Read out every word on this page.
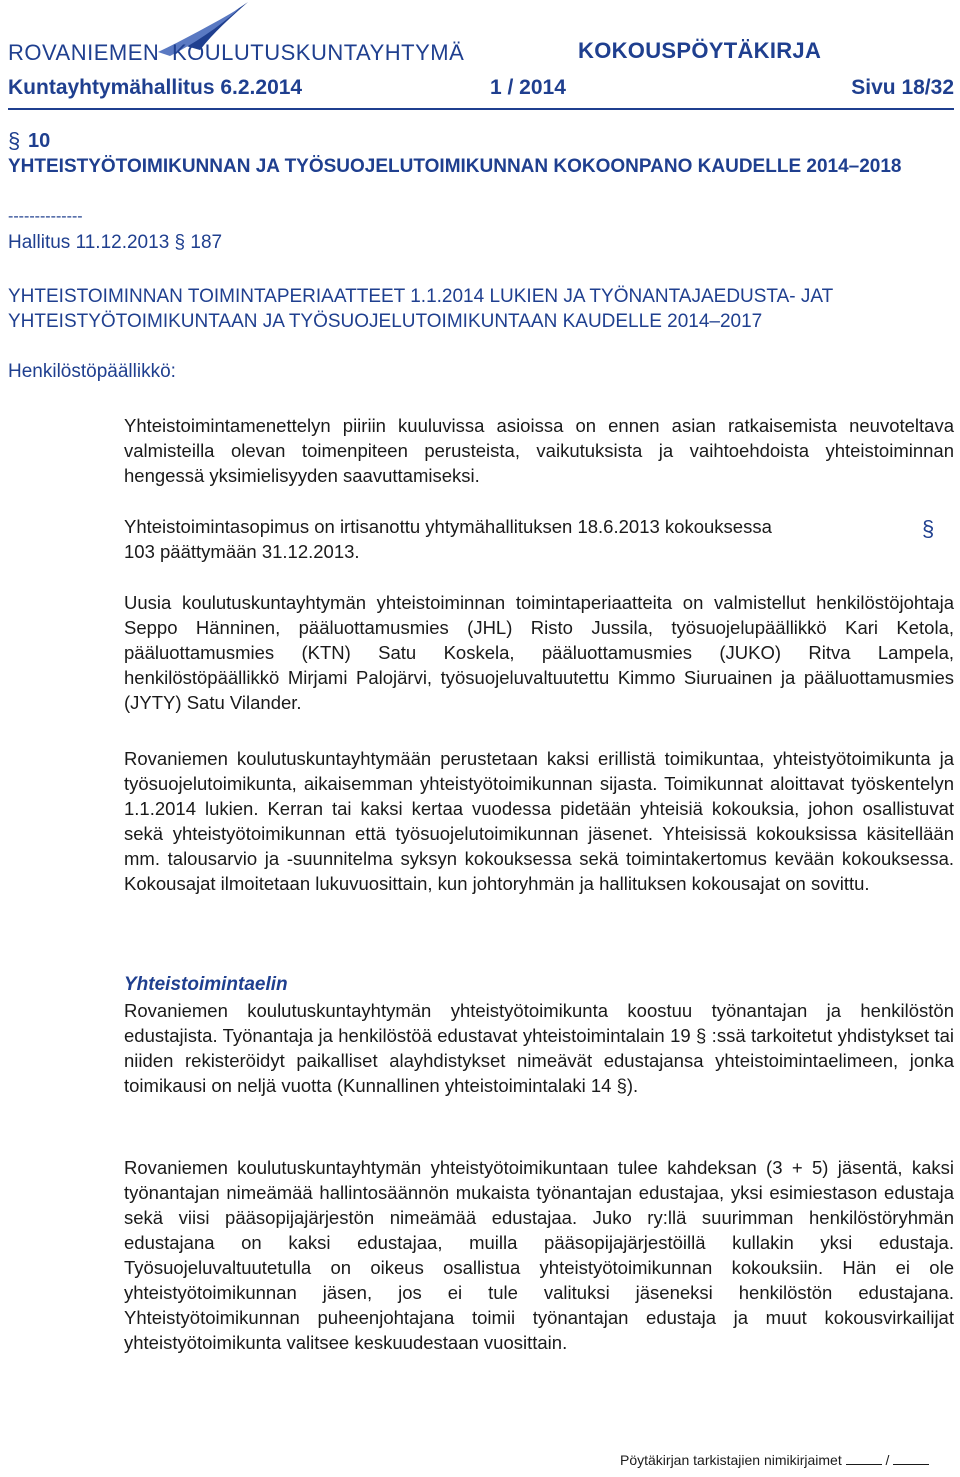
ROVANIEMEN KOULUTUSKUNTAYHTYMÄ	KOKOUSPÖYTÄKIRJA
Kuntayhtymähallitus 6.2.2014	1 / 2014	Sivu 18/32
§ 10
YHTEISTYÖTOIMIKUNNAN JA TYÖSUOJELUTOIMIKUNNAN KOKOONPANO KAUDELLE 2014–2018
--------------
Hallitus 11.12.2013 § 187
YHTEISTOIMINNAN TOIMINTAPERIAATTEET 1.1.2014 LUKIEN JA TYÖNANTAJAEDUSTA- JAT YHTEISTYÖTOIMIKUNTAAN JA TYÖSUOJELUTOIMIKUNTAAN KAUDELLE 2014–2017
Henkilöstöpäällikkö:
Yhteistoimintamenettelyn piiriin kuuluvissa asioissa on ennen asian ratkaisemista neuvoteltava valmisteilla olevan toimenpiteen perusteista, vaikutuksista ja vaihtoehdoista yhteistoiminnan hengessä yksimielisyyden saavuttamiseksi.
Yhteistoimintasopimus on irtisanottu yhtymähallituksen 18.6.2013 kokouksessa
103 päättymään 31.12.2013.
§
Uusia koulutuskuntayhtymän yhteistoiminnan toimintaperiaatteita on valmistellut henkilöstöjohtaja Seppo Hänninen, pääluottamusmies (JHL) Risto Jussila, työsuojelupäällikkö Kari Ketola, pääluottamusmies (KTN) Satu Koskela, pääluottamusmies (JUKO) Ritva Lampela, henkilöstöpäällikkö Mirjami Palojärvi, työsuojeluvaltuutettu Kimmo Siuruainen ja pääluottamusmies (JYTY) Satu Vilander.
Rovaniemen koulutuskuntayhtymään perustetaan kaksi erillistä toimikuntaa, yhteistyötoimikunta ja työsuojelutoimikunta, aikaisemman yhteistyötoimikunnan sijasta. Toimikunnat aloittavat työskentelyn 1.1.2014 lukien. Kerran tai kaksi kertaa vuodessa pidetään yhteisiä kokouksia, johon osallistuvat sekä yhteistyötoimikunnan että työsuojelutoimikunnan jäsenet. Yhteisissä kokouksissa käsitellään mm. talousarvio ja -suunnitelma syksyn kokouksessa sekä toimintakertomus kevään kokouksessa. Kokousajat ilmoitetaan lukuvuosittain, kun johtoryhmän ja hallituksen kokousajat on sovittu.
Yhteistoimintaelin
Rovaniemen koulutuskuntayhtymän yhteistyötoimikunta koostuu työnantajan ja henkilöstön edustajista. Työnantaja ja henkilöstöä edustavat yhteistoimintalain 19 § :ssä tarkoitetut yhdistykset tai niiden rekisteröidyt paikalliset alayhdistykset nimeävät edustajansa yhteistoimintaelimeen, jonka toimikausi on neljä vuotta (Kunnallinen yhteistoimintalaki 14 §).
Rovaniemen koulutuskuntayhtymän yhteistyötoimikuntaan tulee kahdeksan (3 + 5) jäsentä, kaksi työnantajan nimeämää hallintosäännön mukaista työnantajan edustajaa, yksi esimiestason edustaja sekä viisi pääsopijajärjestön nimeämää edustajaa. Juko ry:llä suurimman henkilöstöryhmän edustajana on kaksi edustajaa, muilla pääsopijajärjestöillä kullakin yksi edustaja. Työsuojeluvaltuutetulla on oikeus osallistua yhteistyötoimikunnan kokouksiin. Hän ei ole yhteistyötoimikunnan jäsen, jos ei tule valituksi jäseneksi henkilöstön edustajana. Yhteistyötoimikunnan puheenjohtajana toimii työnantajan edustaja ja muut kokousvirkailijat yhteistyötoimikunta valitsee keskuudestaan vuosittain.
Pöytäkirjan tarkistajien nimikirjaimet	/
